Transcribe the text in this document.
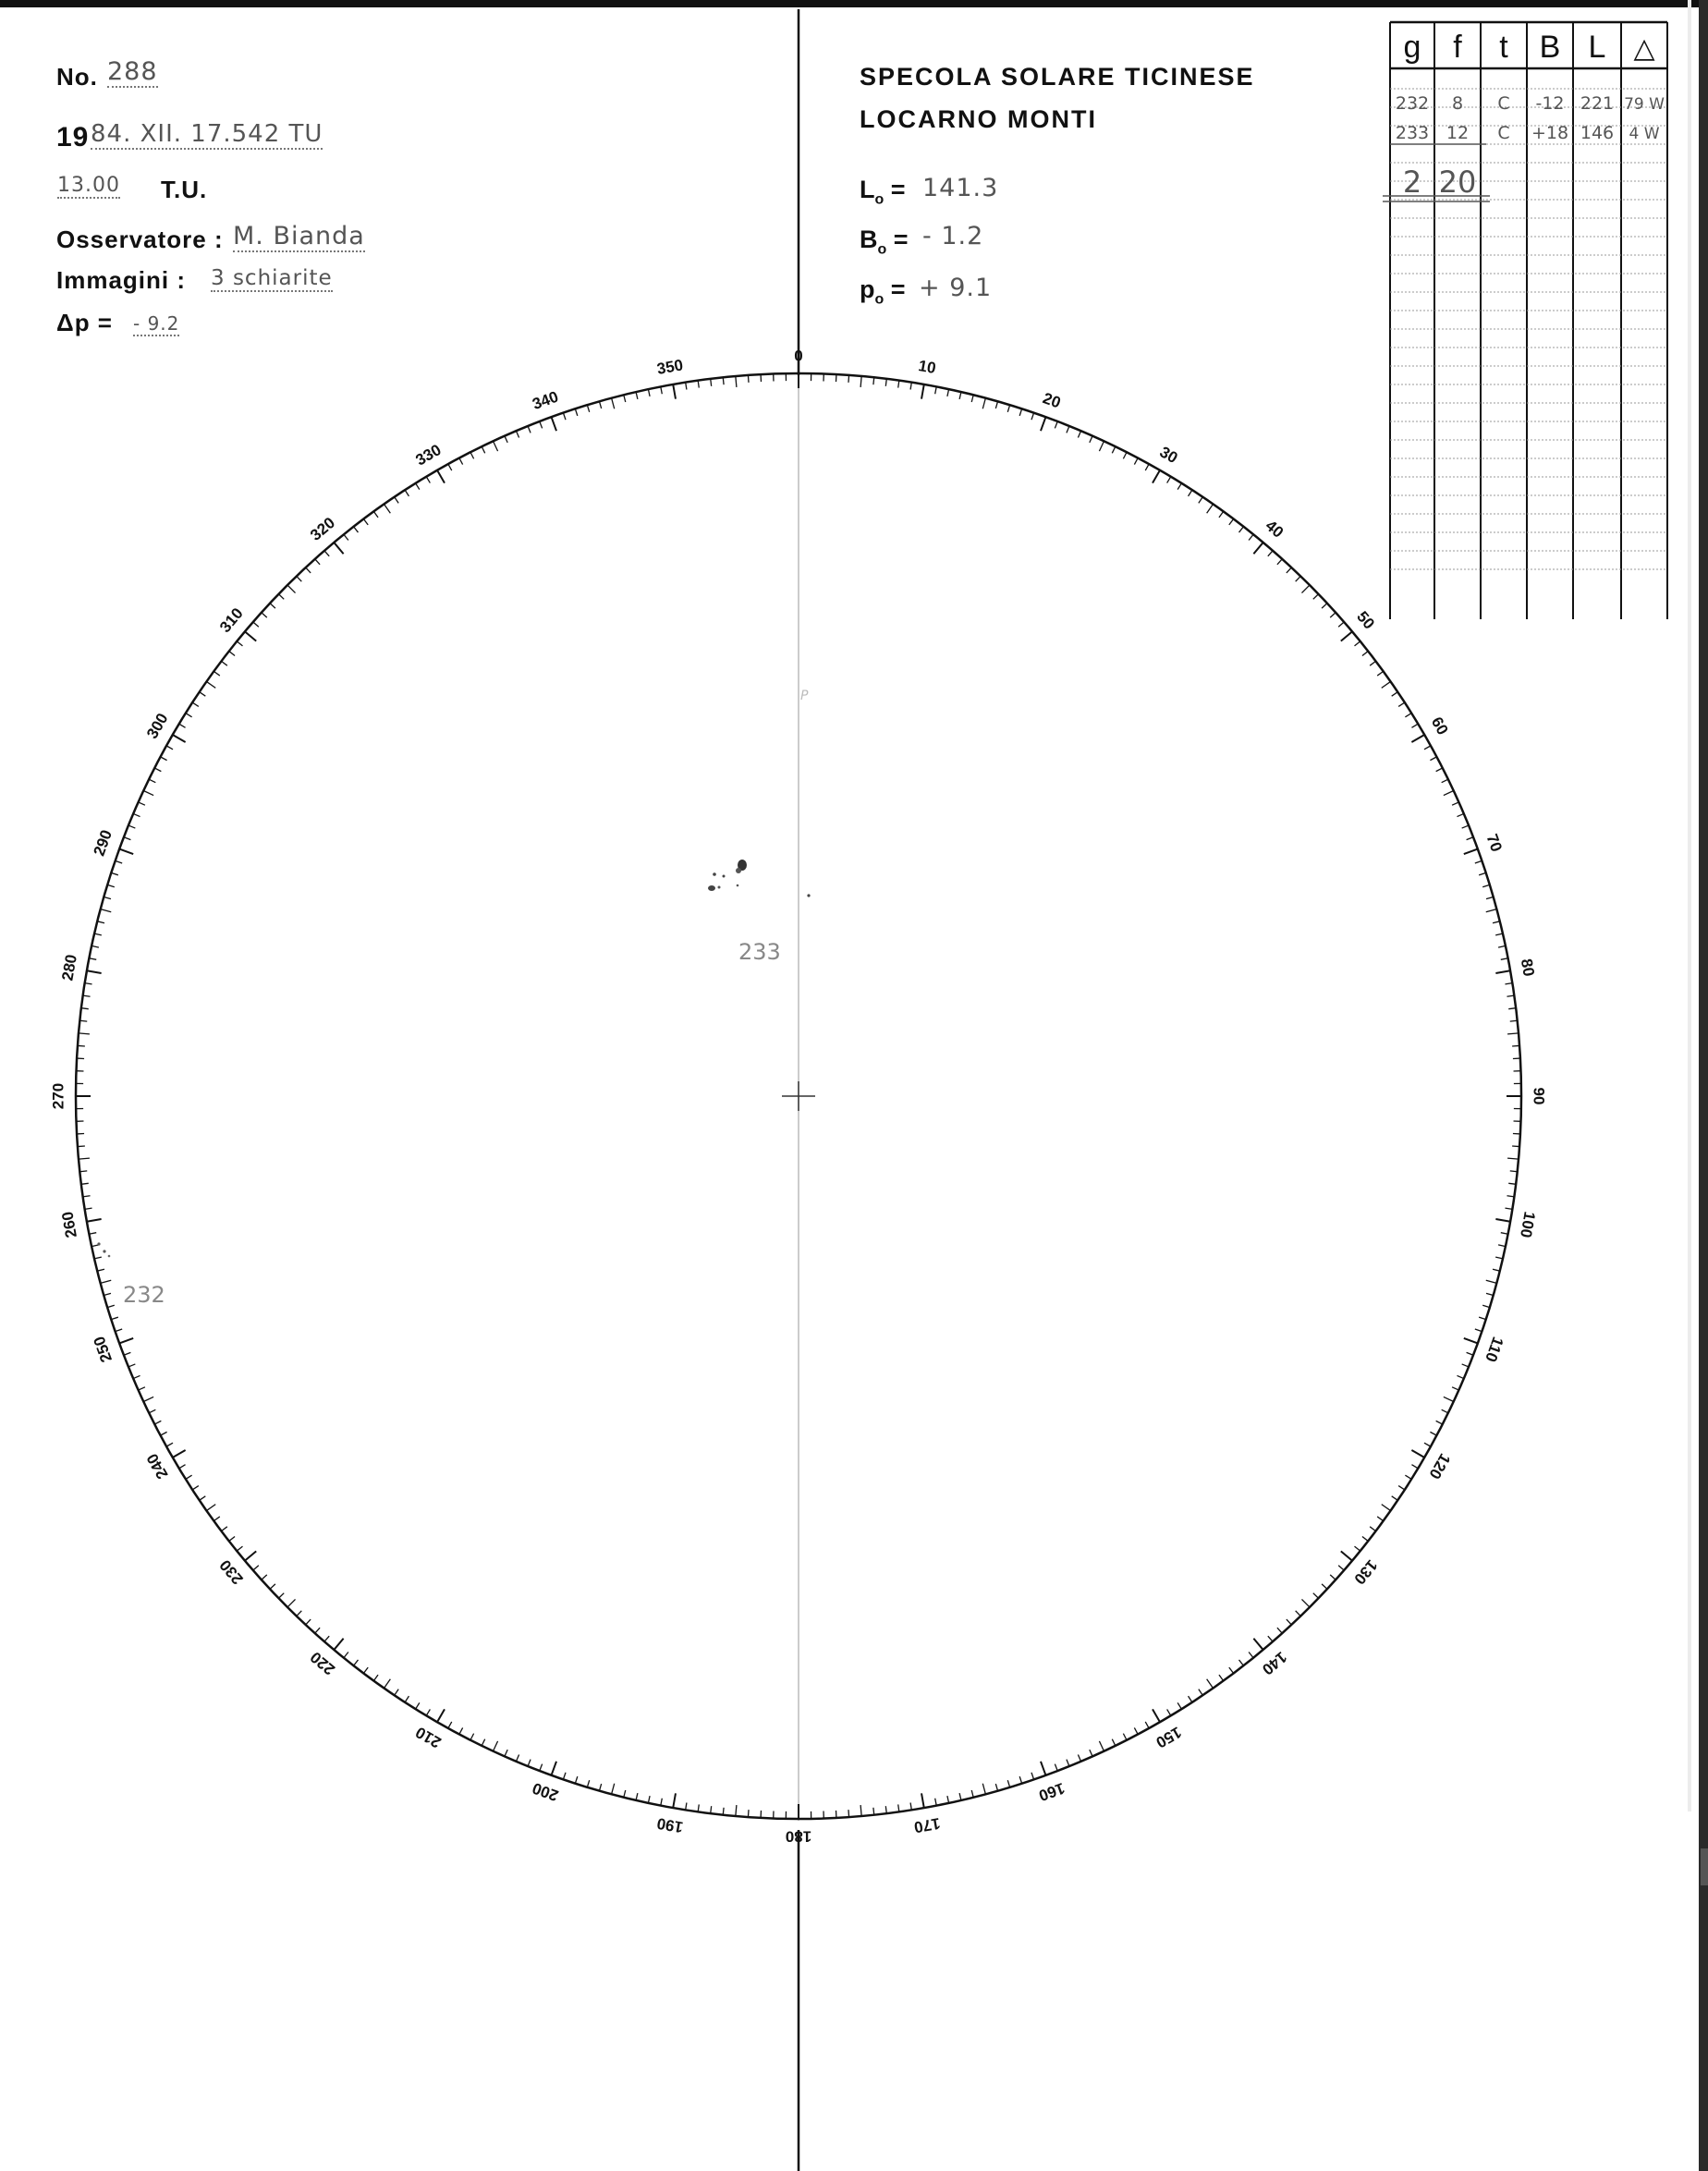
No. 288
19 84. XII. 17.542 TU
13.00 T.U.
Osservatore : M. Bianda
Immagini : 3 schiarite
Δp = - 9.2
SPECOLA SOLARE TICINESE
LOCARNO MONTI
$L_o = 141.3$
$B_o$ = - 1.2
$p_o$ = + 9.1
0
10
20
30
40
50
60
70
80
90
100
110
120
130
140
150
160
170
180
190
200
210
220
230
240
250
260
270
280
290
300
310
320
330
340
350
233
232
P
g f t B L △
232 8 C -12 221 79 W
233 12 C +18 146 4 W
2 20
